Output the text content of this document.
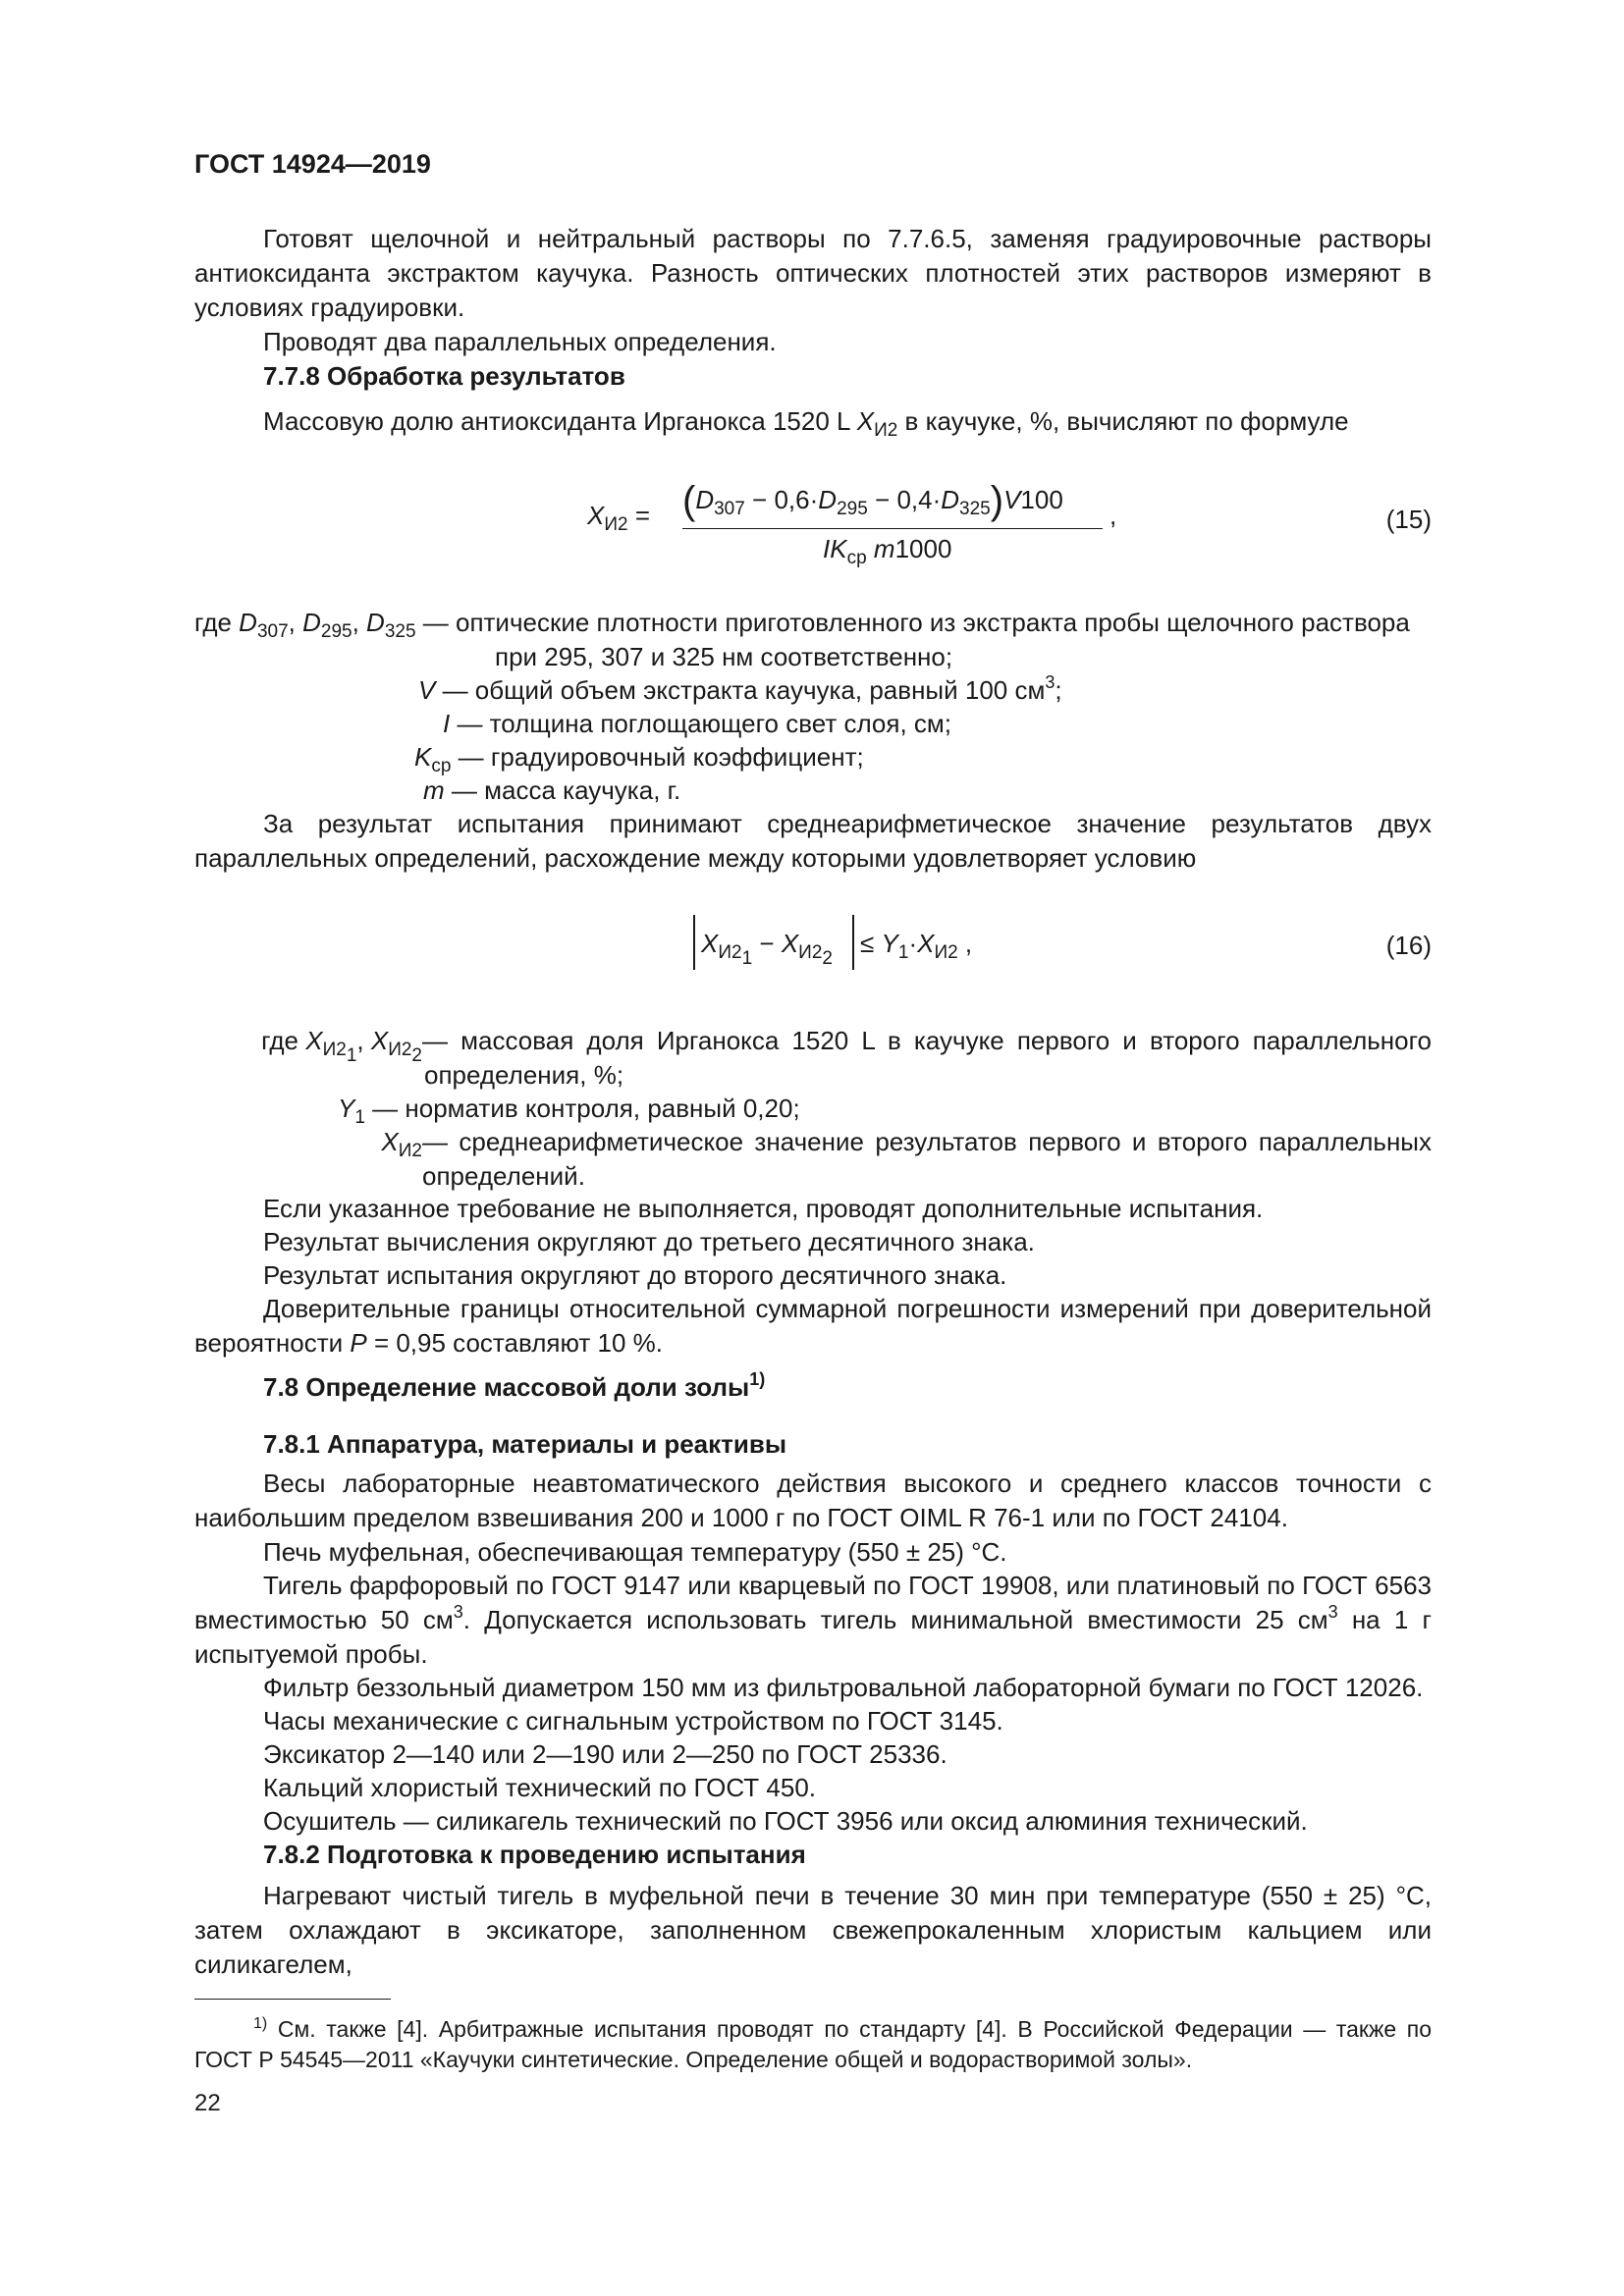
ГОСТ 14924—2019

Готовят щелочной и нейтральный растворы по 7.7.6.5, заменяя градуировочные растворы антиоксиданта экстрактом каучука. Разность оптических плотностей этих растворов измеряют в условиях градуировки.

Проводят два параллельных определения.

7.7.8 Обработка результатов

Массовую долю антиоксиданта Ирганокса 1520 L $X_{И2}$ в каучуке, %, вычисляют по формуле

$X_{И2} = (D_{307} - 0,6\cdot D_{295} - 0,4\cdot D_{325})V100$
$IK_{ср}$ m1000
,	(15)
где $D_{307}$, $D_{295}$, $D_{325}$ — оптические плотности приготовленного из экстракта пробы щелочного раствора
при 295, 307 и 325 нм соответственно;
V — общий объем экстракта каучука, равный 100 $см^3$;
I — толщина поглощающего свет слоя, см;
$K_{ср}$ — градуировочный коэффициент;
m — масса каучука, г.

За результат испытания принимают среднеарифметическое значение результатов двух параллельных определений, расхождение между которыми удовлетворяет условию

$X_{И2_1} - X_{И2_2}$
≤ $Y_1\cdot X_{И2}$ ,	(16)
где $X_{И2_1}$, $X_{И2_2}$
— массовая доля Ирганокса 1520 L в каучуке первого и второго параллельного определения, %;
$Y_1$ — норматив контроля, равный 0,20;
$X_{И2}$ — среднеарифметическое значение результатов первого и второго параллельных определений.

Если указанное требование не выполняется, проводят дополнительные испытания.

Результат вычисления округляют до третьего десятичного знака.

Результат испытания округляют до второго десятичного знака.

Доверительные границы относительной суммарной погрешности измерений при доверительной вероятности P = 0,95 составляют 10 %.

7.8 Определение массовой доли золы$^{1)}$

7.8.1 Аппаратура, материалы и реактивы

Весы лабораторные неавтоматического действия высокого и среднего классов точности с наибольшим пределом взвешивания 200 и 1000 г по ГОСТ OIML R 76-1 или по ГОСТ 24104.

Печь муфельная, обеспечивающая температуру (550 ± 25) °С.

Тигель фарфоровый по ГОСТ 9147 или кварцевый по ГОСТ 19908, или платиновый по ГОСТ 6563 вместимостью 50 $см^3$. Допускается использовать тигель минимальной вместимости 25 $см^3$ на 1 г испытуемой пробы.

Фильтр беззольный диаметром 150 мм из фильтровальной лабораторной бумаги по ГОСТ 12026.

Часы механические с сигнальным устройством по ГОСТ 3145.

Эксикатор 2—140 или 2—190 или 2—250 по ГОСТ 25336.

Кальций хлористый технический по ГОСТ 450.

Осушитель — силикагель технический по ГОСТ 3956 или оксид алюминия технический.

7.8.2 Подготовка к проведению испытания

Нагревают чистый тигель в муфельной печи в течение 30 мин при температуре (550 ± 25) °С, затем охлаждают в эксикаторе, заполненном свежепрокаленным хлористым кальцием или силикагелем,

$^{1)}$ См. также [4]. Арбитражные испытания проводят по стандарту [4]. В Российской Федерации — также по ГОСТ Р 54545—2011 «Каучуки синтетические. Определение общей и водорастворимой золы».

22
